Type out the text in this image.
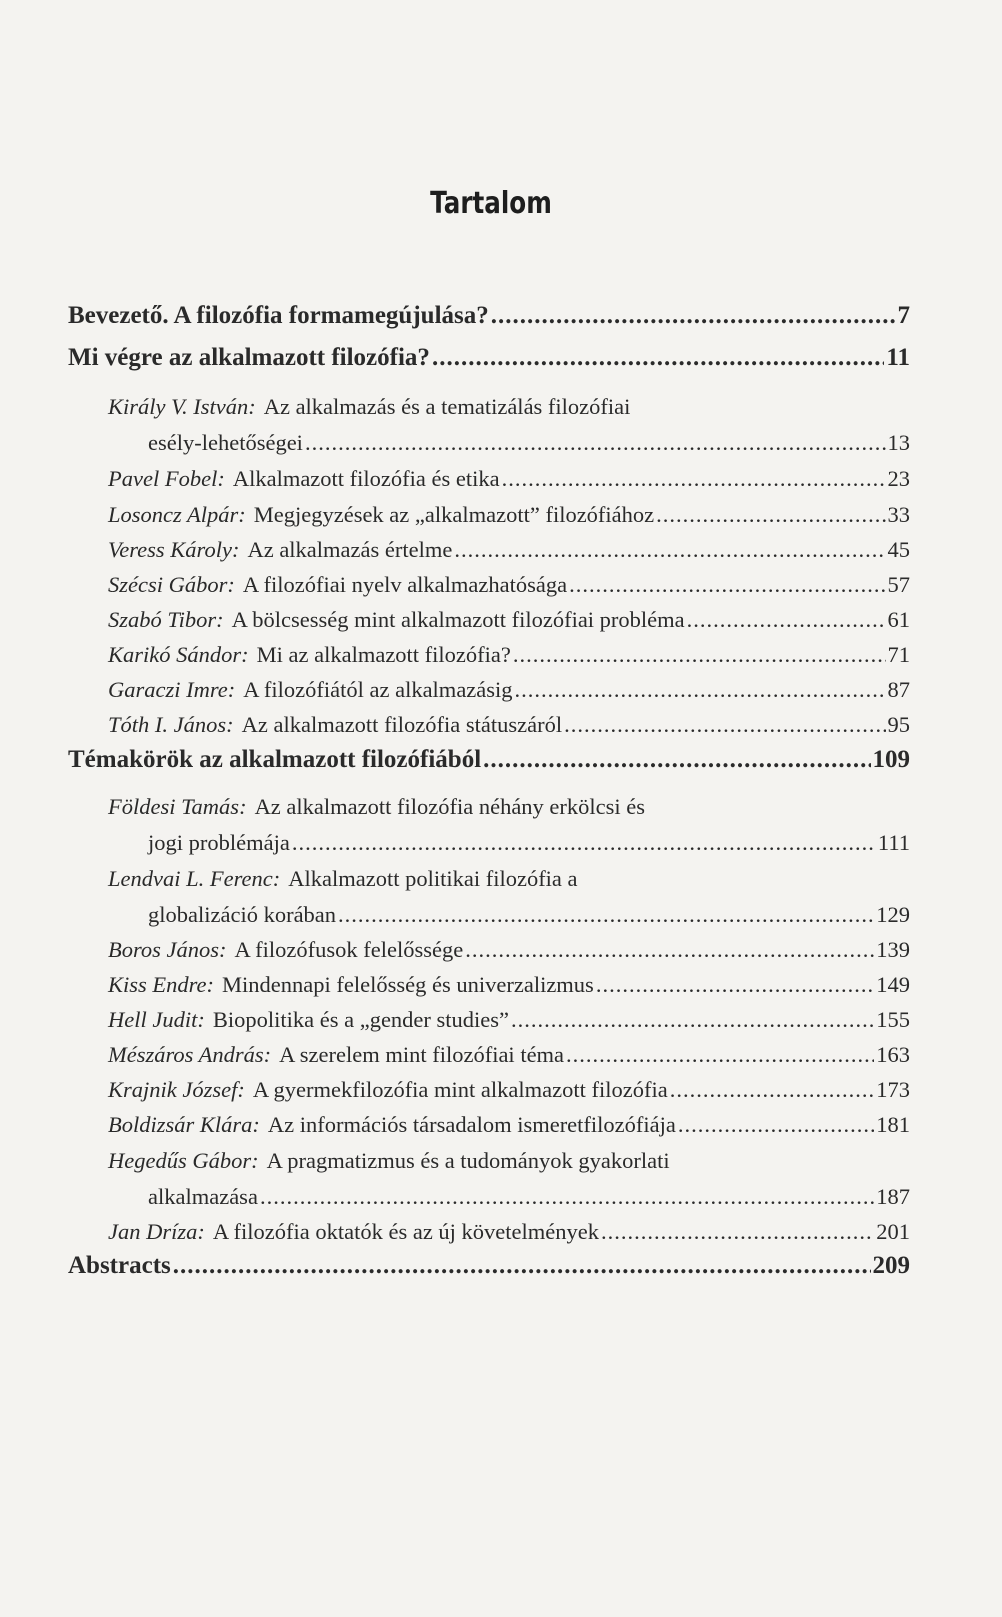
Tartalom
Bevezető. A filozófia formamegújulása? .....	7
Mi végre az alkalmazott filozófia? .....	11
Király V. István: Az alkalmazás és a tematizálás filozófiai
esély-lehetőségei .....	13
Pavel Fobel: Alkalmazott filozófia és etika .....	23
Losoncz Alpár: Megjegyzések az „alkalmazott” filozófiához .....	33
Veress Károly: Az alkalmazás értelme .....	45
Szécsi Gábor: A filozófiai nyelv alkalmazhatósága .....	57
Szabó Tibor: A bölcsesség mint alkalmazott filozófiai probléma .....	61
Karikó Sándor: Mi az alkalmazott filozófia? .....	71
Garaczi Imre: A filozófiától az alkalmazásig .....	87
Tóth I. János: Az alkalmazott filozófia státuszáról .....	95
Témakörök az alkalmazott filozófiából .....	109
Földesi Tamás: Az alkalmazott filozófia néhány erkölcsi és
jogi problémája .....	111
Lendvai L. Ferenc: Alkalmazott politikai filozófia a
globalizáció korában .....	129
Boros János: A filozófusok felelőssége .....	139
Kiss Endre: Mindennapi felelősség és univerzalizmus .....	149
Hell Judit: Biopolitika és a „gender studies” .....	155
Mészáros András: A szerelem mint filozófiai téma .....	163
Krajnik József: A gyermekfilozófia mint alkalmazott filozófia .....	173
Boldizsár Klára: Az információs társadalom ismeretfilozófiája .....	181
Hegedűs Gábor: A pragmatizmus és a tudományok gyakorlati
alkalmazása .....	187
Jan Dríza: A filozófia oktatók és az új követelmények .....	201
Abstracts .....	209
